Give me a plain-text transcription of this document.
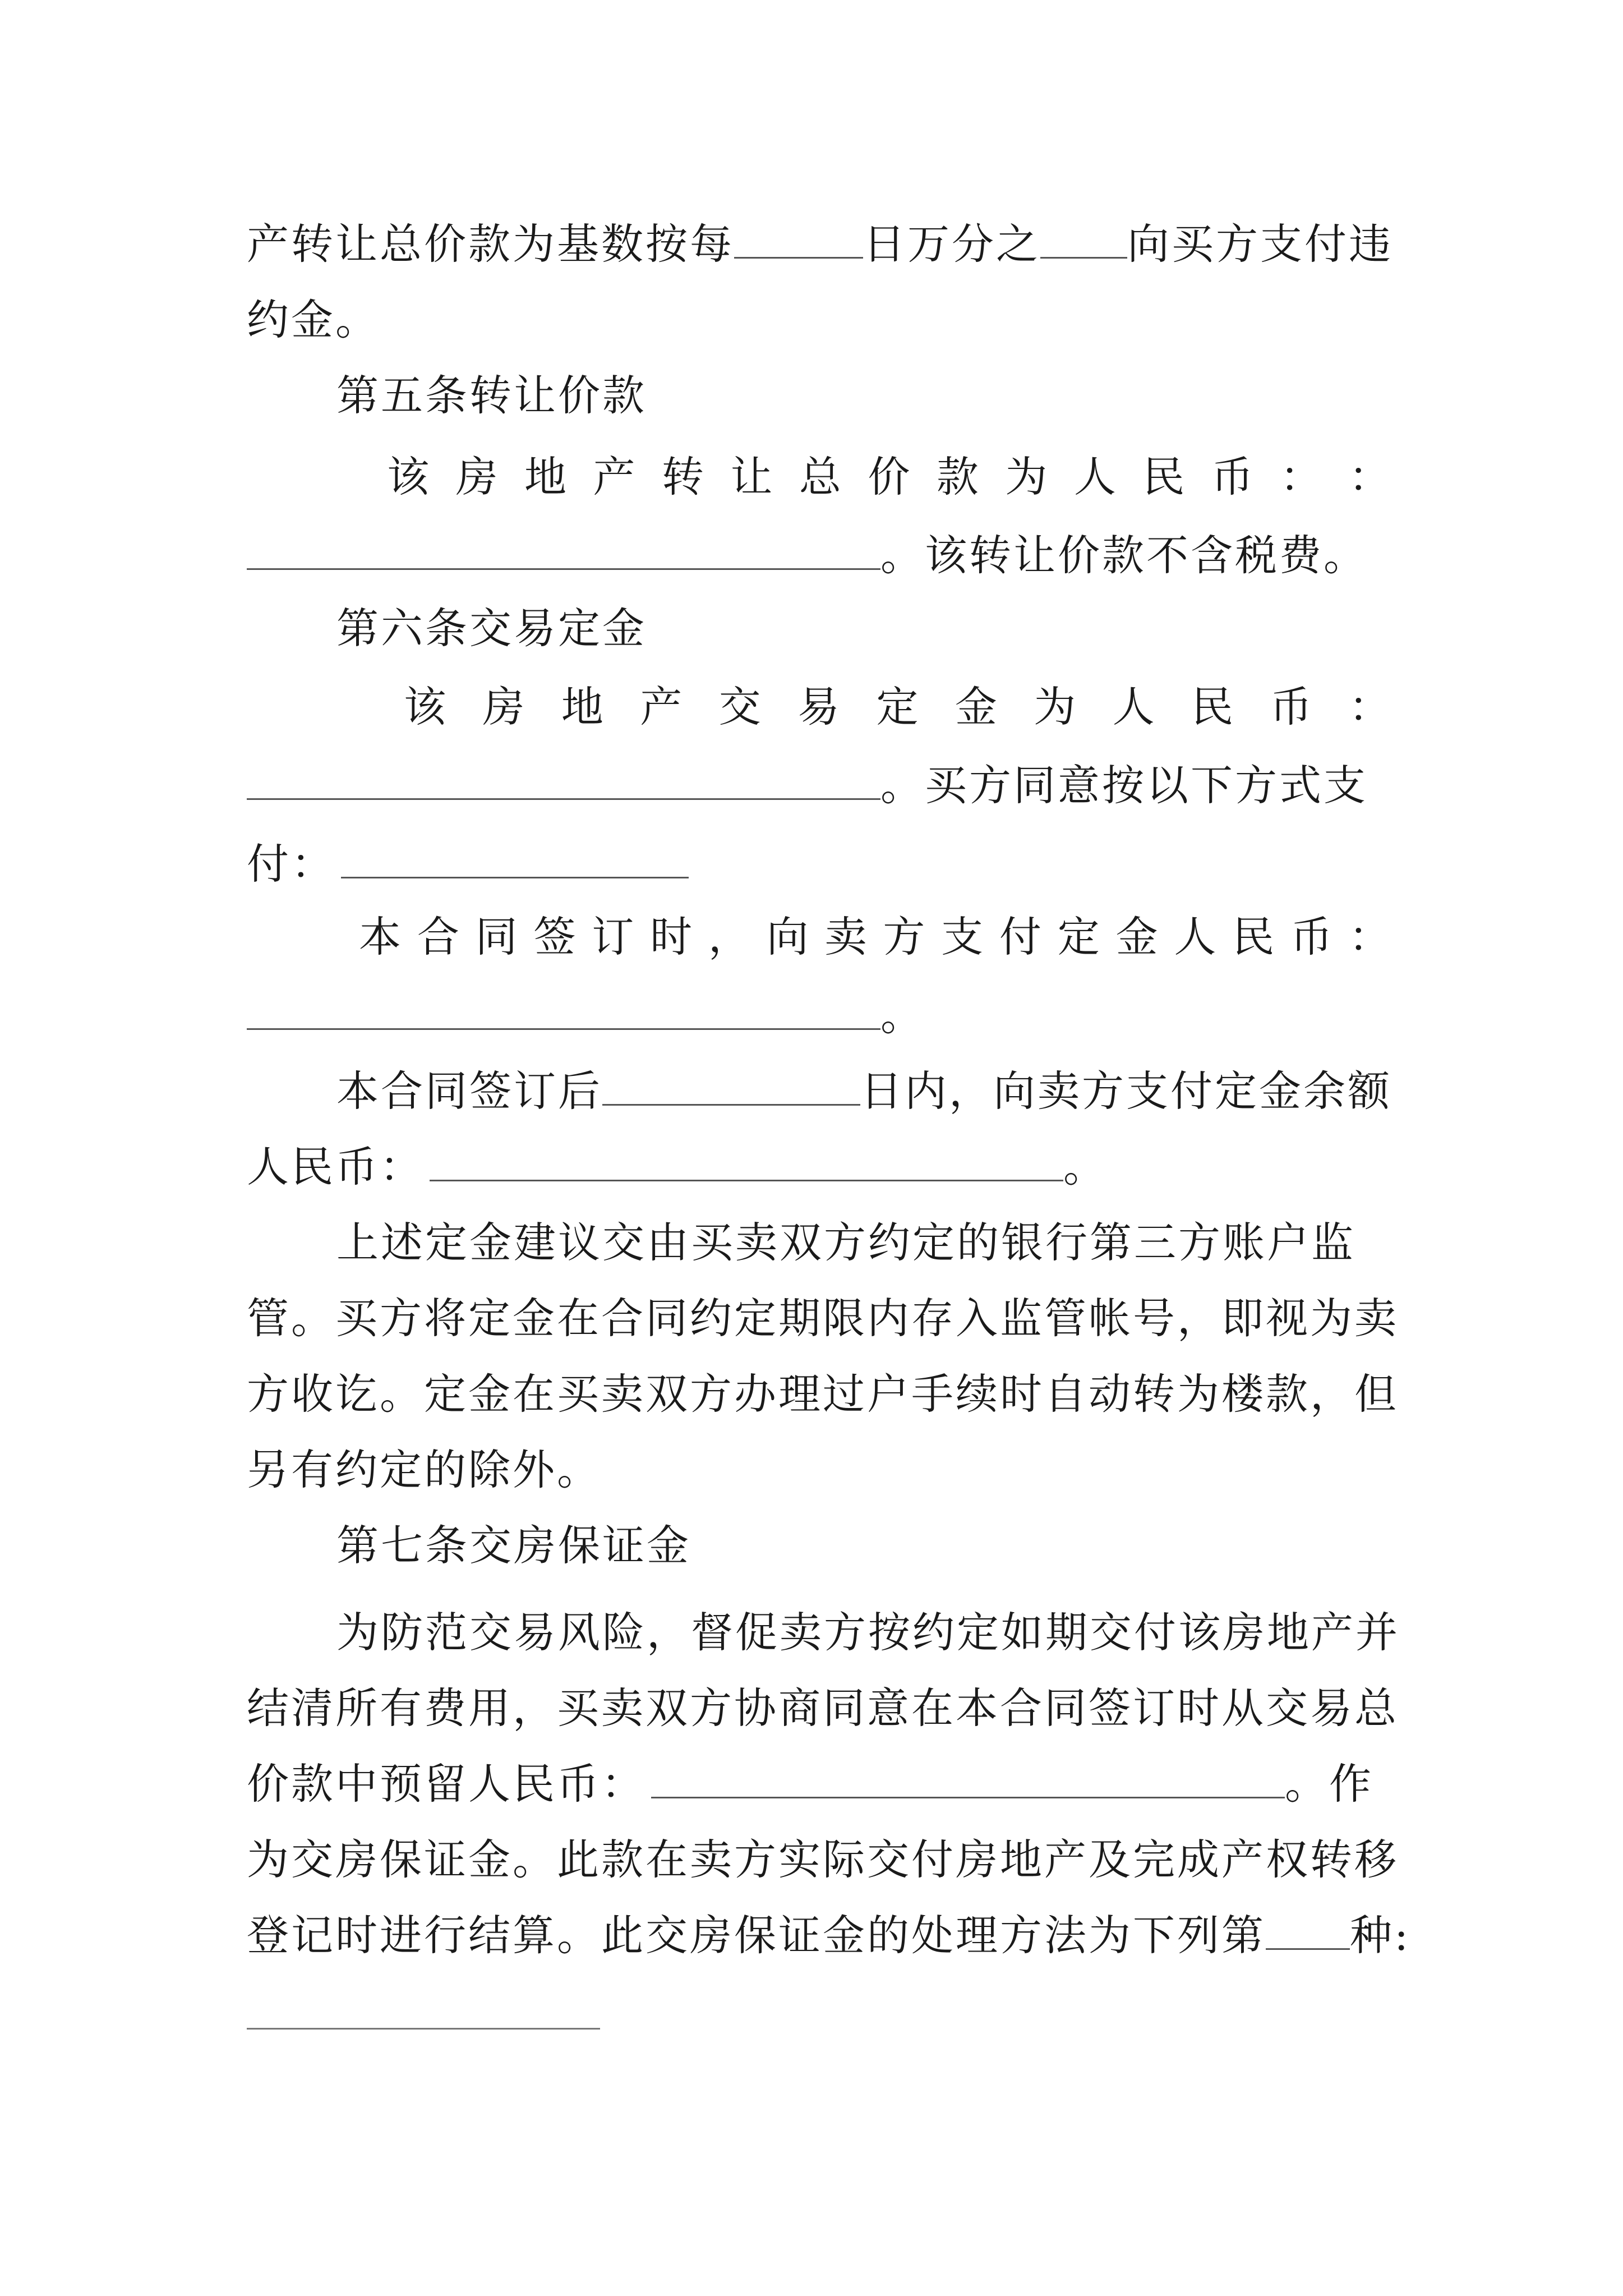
产转让总价款为基数按每	日万分之 向买方支付违
约金。
第五条转让价款
该 房 地 产 转 让 总 价 款 为 人 民 币 ： ：
。该转让价款不含税费。
第六条交易定金
该 房 地 产 交 易 定 金 为 人 民 币 ：
。买方同意按以下方式支
付：
本 合 同 签 订 时 ， 向 卖 方 支 付 定 金 人 民 币 ：
。
本合同签订后	日内，向卖方支付定金余额
人民币：	。
上述定金建议交由买卖双方约定的银行第三方账户监
管。买方将定金在合同约定期限内存入监管帐号，即视为卖
方收讫。定金在买卖双方办理过户手续时自动转为楼款，但
另有约定的除外。
第七条交房保证金
为防范交易风险，督促卖方按约定如期交付该房地产并
结清所有费用，买卖双方协商同意在本合同签订时从交易总
价款中预留人民币：	。作
为交房保证金。此款在卖方实际交付房地产及完成产权转移
登记时进行结算。此交房保证金的处理方法为下列第 种:
